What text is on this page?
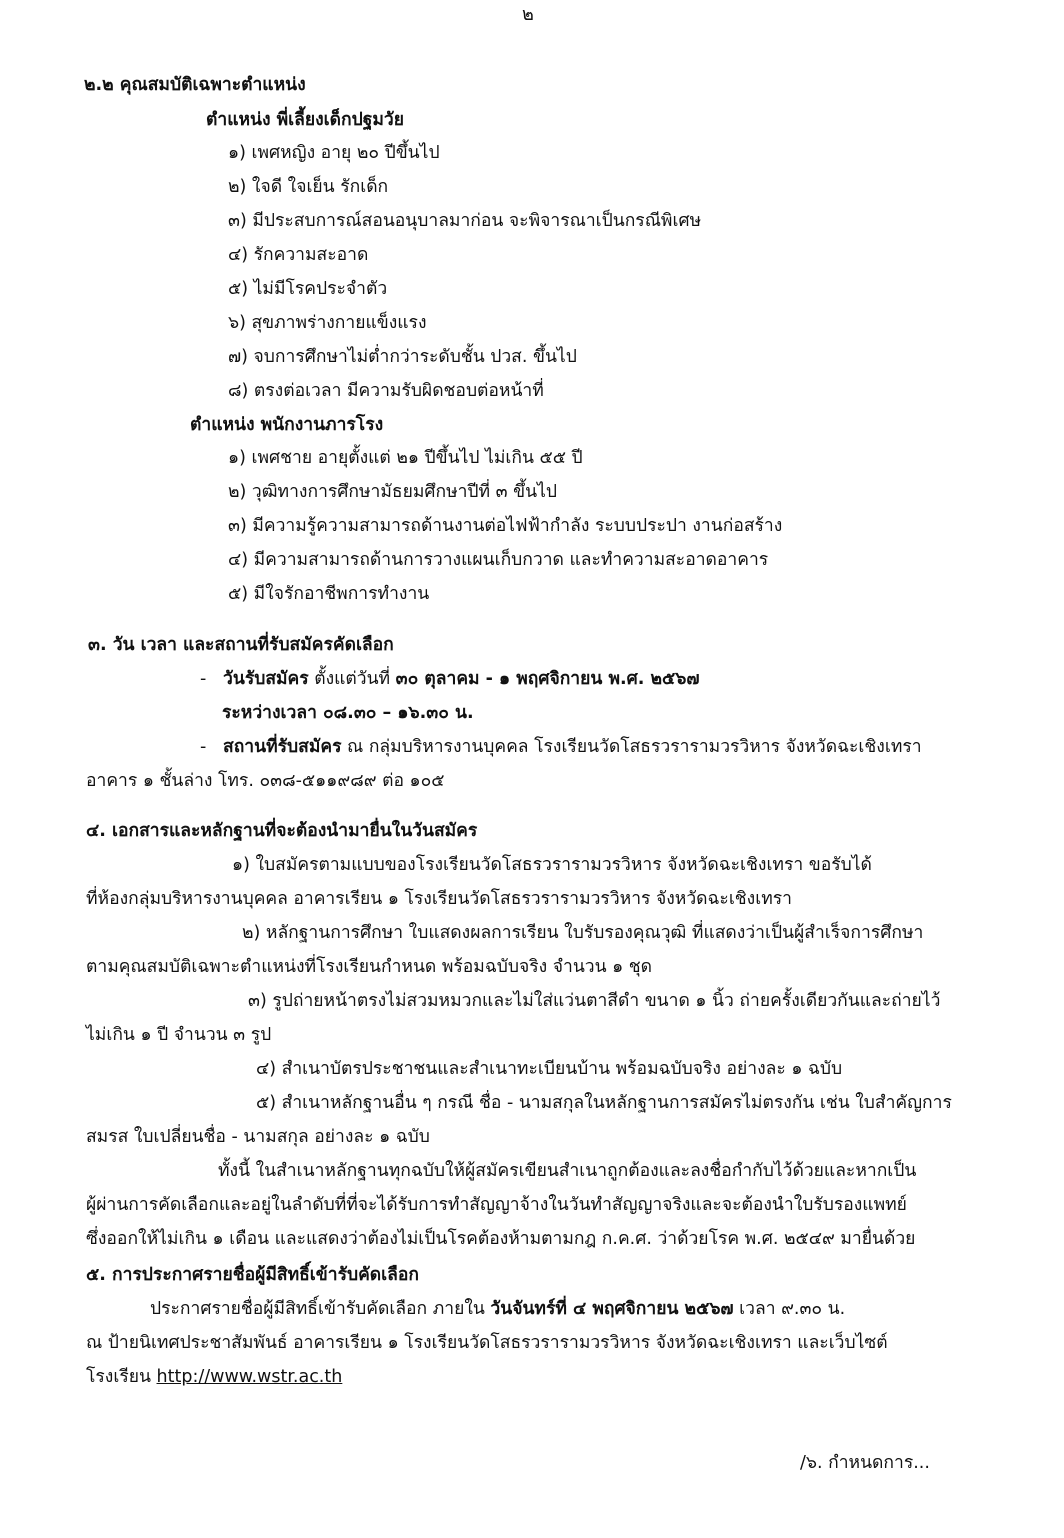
๒
๒.๒ คุณสมบัติเฉพาะตำแหน่ง
ตำแหน่ง พี่เลี้ยงเด็กปฐมวัย
๑) เพศหญิง อายุ ๒๐ ปีขึ้นไป
๒) ใจดี ใจเย็น รักเด็ก
๓) มีประสบการณ์สอนอนุบาลมาก่อน จะพิจารณาเป็นกรณีพิเศษ
๔) รักความสะอาด
๕) ไม่มีโรคประจำตัว
๖) สุขภาพร่างกายแข็งแรง
๗) จบการศึกษาไม่ต่ำกว่าระดับชั้น ปวส. ขึ้นไป
๘) ตรงต่อเวลา มีความรับผิดชอบต่อหน้าที่
ตำแหน่ง พนักงานภารโรง
๑) เพศชาย อายุตั้งแต่ ๒๑ ปีขึ้นไป ไม่เกิน ๕๕ ปี
๒) วุฒิทางการศึกษามัธยมศึกษาปีที่ ๓ ขึ้นไป
๓) มีความรู้ความสามารถด้านงานต่อไฟฟ้ากำลัง ระบบประปา งานก่อสร้าง
๔) มีความสามารถด้านการวางแผนเก็บกวาด และทำความสะอาดอาคาร
๕) มีใจรักอาชีพการทำงาน
๓. วัน เวลา และสถานที่รับสมัครคัดเลือก
- วันรับสมัคร ตั้งแต่วันที่ ๓๐ ตุลาคม - ๑ พฤศจิกายน พ.ศ. ๒๕๖๗
ระหว่างเวลา ๐๘.๓๐ – ๑๖.๓๐ น.
- สถานที่รับสมัคร ณ กลุ่มบริหารงานบุคคล โรงเรียนวัดโสธรวรารามวรวิหาร จังหวัดฉะเชิงเทรา
อาคาร ๑ ชั้นล่าง โทร. ๐๓๘-๕๑๑๙๘๙ ต่อ ๑๐๕
๔. เอกสารและหลักฐานที่จะต้องนำมายื่นในวันสมัคร
๑) ใบสมัครตามแบบของโรงเรียนวัดโสธรวรารามวรวิหาร จังหวัดฉะเชิงเทรา ขอรับได้
ที่ห้องกลุ่มบริหารงานบุคคล อาคารเรียน ๑ โรงเรียนวัดโสธรวรารามวรวิหาร จังหวัดฉะเชิงเทรา
๒) หลักฐานการศึกษา ใบแสดงผลการเรียน ใบรับรองคุณวุฒิ ที่แสดงว่าเป็นผู้สำเร็จการศึกษา
ตามคุณสมบัติเฉพาะตำแหน่งที่โรงเรียนกำหนด พร้อมฉบับจริง จำนวน ๑ ชุด
๓) รูปถ่ายหน้าตรงไม่สวมหมวกและไม่ใส่แว่นตาสีดำ ขนาด ๑ นิ้ว ถ่ายครั้งเดียวกันและถ่ายไว้
ไม่เกิน ๑ ปี จำนวน ๓ รูป
๔) สำเนาบัตรประชาชนและสำเนาทะเบียนบ้าน พร้อมฉบับจริง อย่างละ ๑ ฉบับ
๕) สำเนาหลักฐานอื่น ๆ กรณี ชื่อ - นามสกุลในหลักฐานการสมัครไม่ตรงกัน เช่น ใบสำคัญการ
สมรส ใบเปลี่ยนชื่อ - นามสกุล อย่างละ ๑ ฉบับ
ทั้งนี้ ในสำเนาหลักฐานทุกฉบับให้ผู้สมัครเขียนสำเนาถูกต้องและลงชื่อกำกับไว้ด้วยและหากเป็น
ผู้ผ่านการคัดเลือกและอยู่ในลำดับที่ที่จะได้รับการทำสัญญาจ้างในวันทำสัญญาจริงและจะต้องนำใบรับรองแพทย์
ซึ่งออกให้ไม่เกิน ๑ เดือน และแสดงว่าต้องไม่เป็นโรคต้องห้ามตามกฎ ก.ค.ศ. ว่าด้วยโรค พ.ศ. ๒๕๔๙ มายื่นด้วย
๕. การประกาศรายชื่อผู้มีสิทธิ์เข้ารับคัดเลือก
ประกาศรายชื่อผู้มีสิทธิ์เข้ารับคัดเลือก ภายใน วันจันทร์ที่ ๔ พฤศจิกายน ๒๕๖๗ เวลา ๙.๓๐ น.
ณ ป้ายนิเทศประชาสัมพันธ์ อาคารเรียน ๑ โรงเรียนวัดโสธรวรารามวรวิหาร จังหวัดฉะเชิงเทรา และเว็บไซต์
โรงเรียน http://www.wstr.ac.th
/๖. กำหนดการ...
